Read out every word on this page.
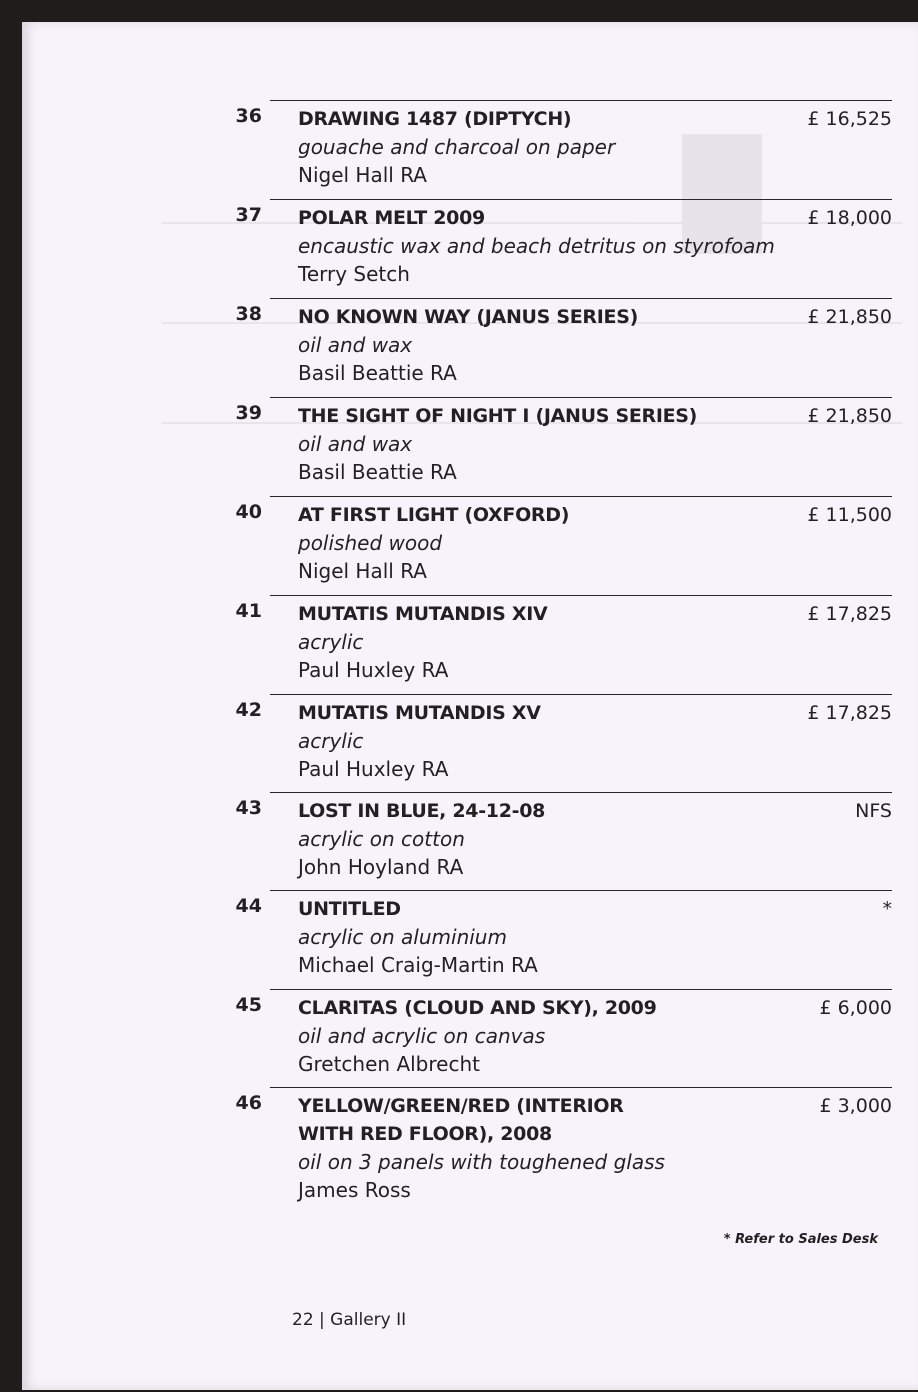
36 DRAWING 1487 (DIPTYCH)
gouache and charcoal on paper
Nigel Hall RA
£ 16,525
37 POLAR MELT 2009
encaustic wax and beach detritus on styrofoam
Terry Setch
£ 18,000
38 NO KNOWN WAY (JANUS SERIES)
oil and wax
Basil Beattie RA
£ 21,850
39 THE SIGHT OF NIGHT I (JANUS SERIES)
oil and wax
Basil Beattie RA
£ 21,850
40 AT FIRST LIGHT (OXFORD)
polished wood
Nigel Hall RA
£ 11,500
41 MUTATIS MUTANDIS XIV
acrylic
Paul Huxley RA
£ 17,825
42 MUTATIS MUTANDIS XV
acrylic
Paul Huxley RA
£ 17,825
43 LOST IN BLUE, 24-12-08
acrylic on cotton
John Hoyland RA
NFS
44 UNTITLED
acrylic on aluminium
Michael Craig-Martin RA
*
45 CLARITAS (CLOUD AND SKY), 2009
oil and acrylic on canvas
Gretchen Albrecht
£ 6,000
46 YELLOW/GREEN/RED (INTERIOR WITH RED FLOOR), 2008
oil on 3 panels with toughened glass
James Ross
£ 3,000
* Refer to Sales Desk
22 | Gallery II
